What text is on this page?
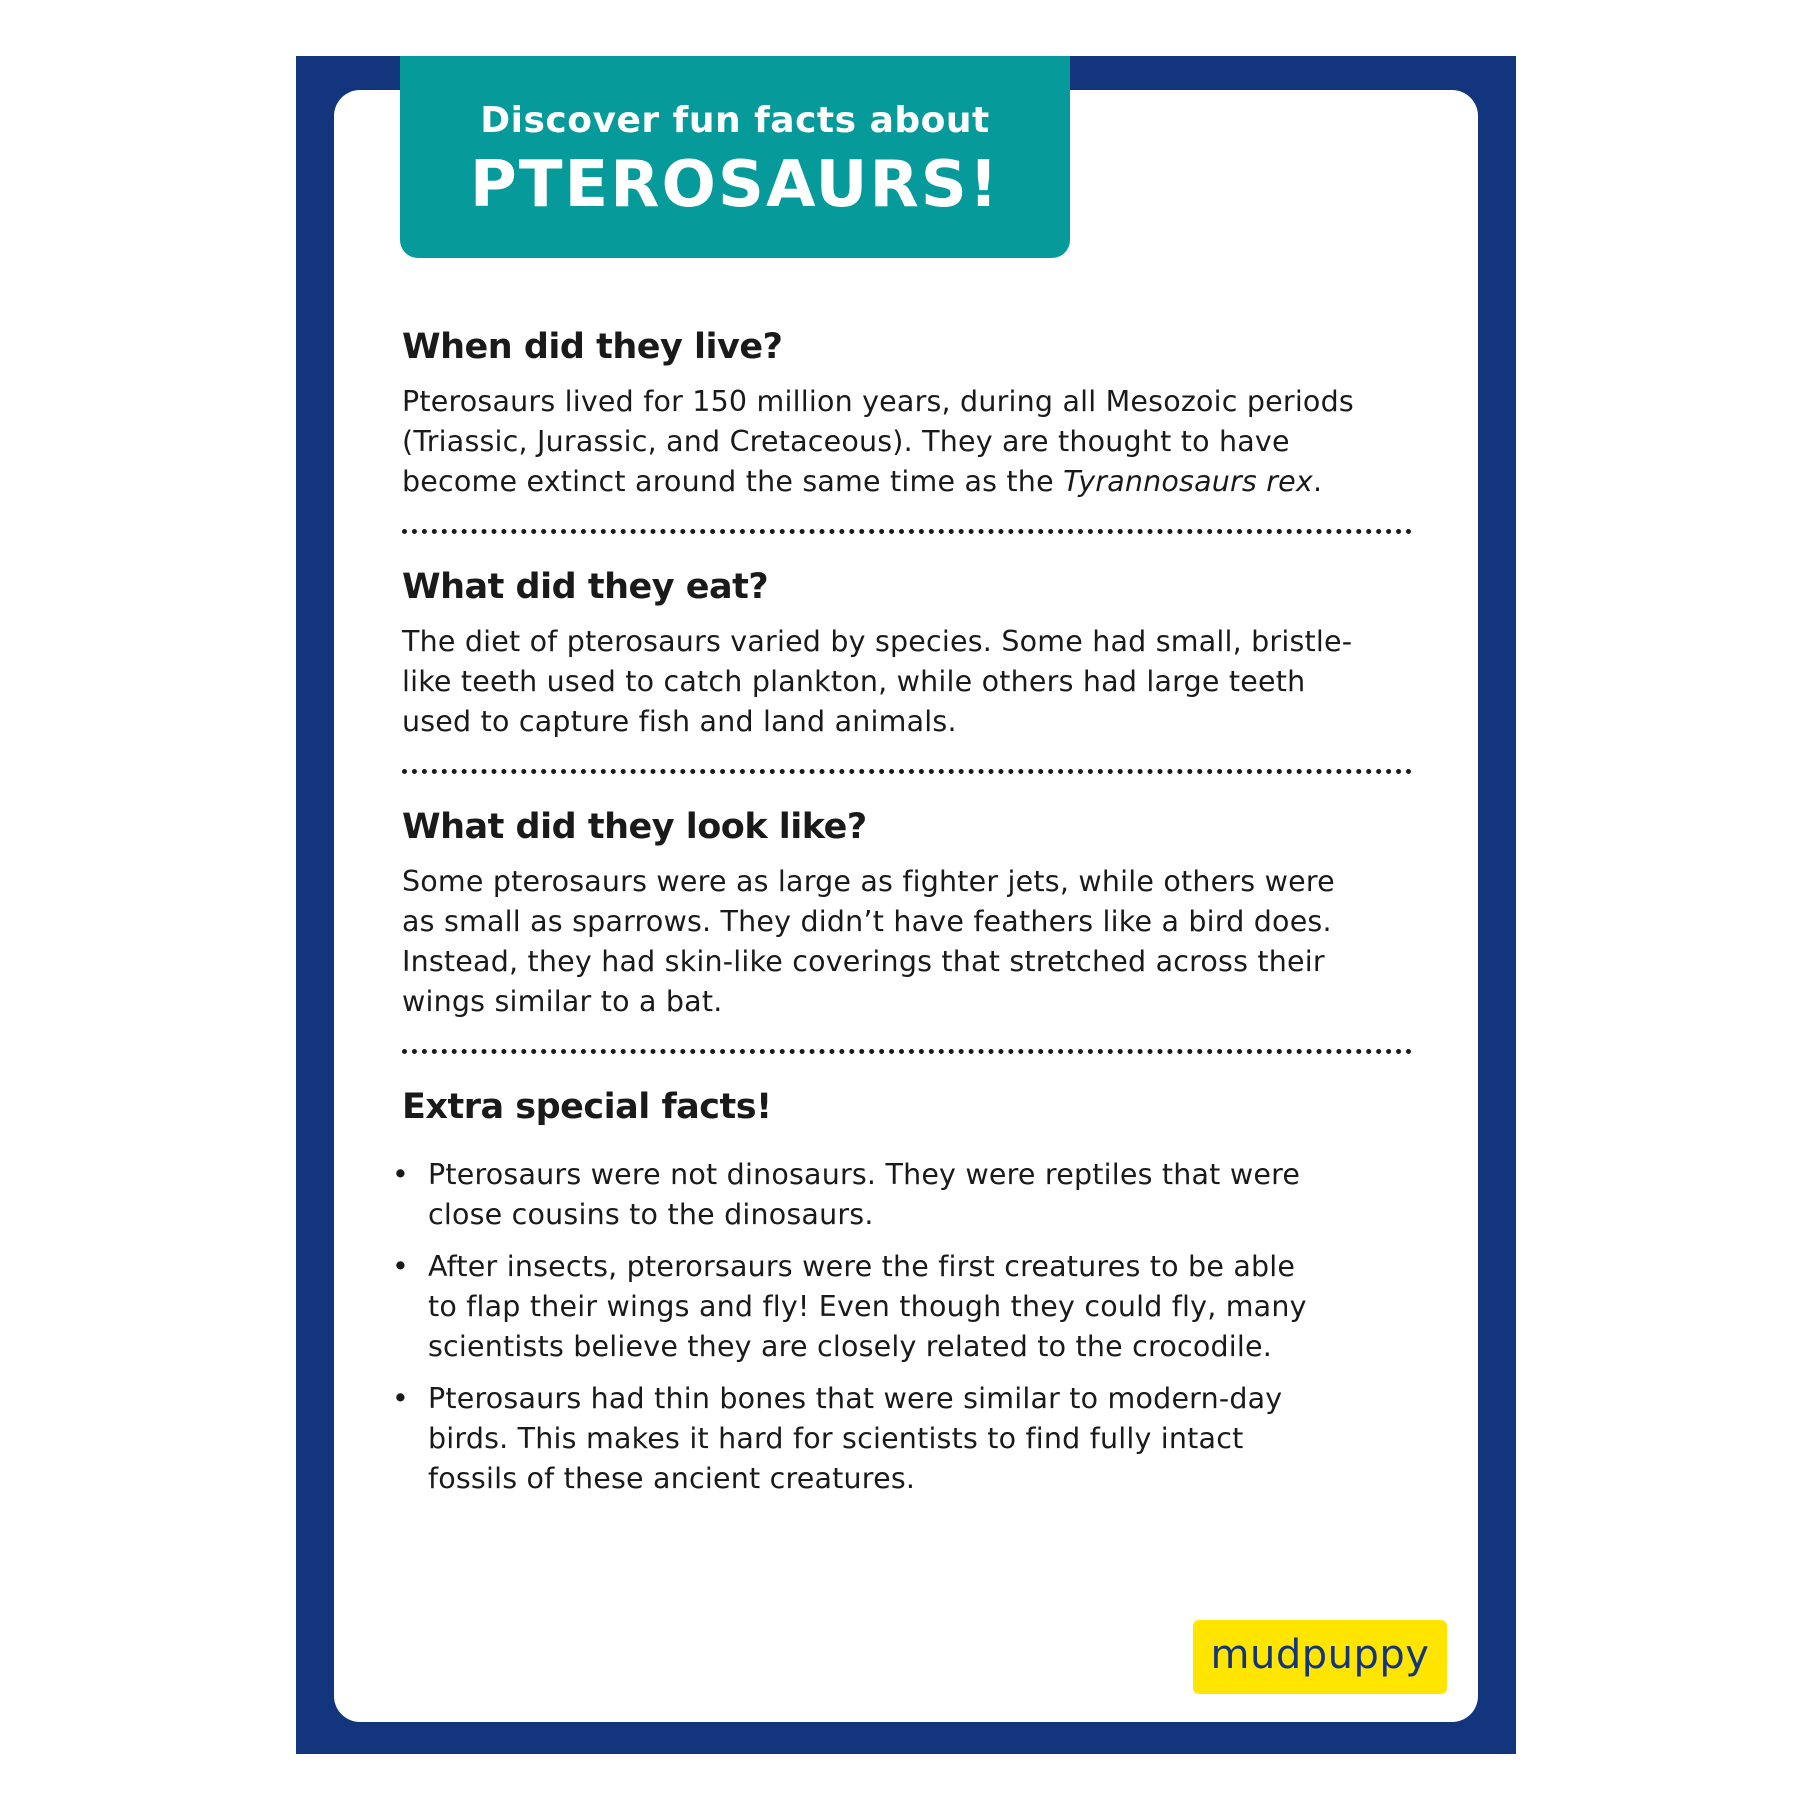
Discover fun facts about
PTEROSAURS!
When did they live?

Pterosaurs lived for 150 million years, during all Mesozoic periods
(Triassic, Jurassic, and Cretaceous). They are thought to have
become extinct around the same time as the Tyrannosaurs rex.

What did they eat?

The diet of pterosaurs varied by species. Some had small, bristle-
like teeth used to catch plankton, while others had large teeth
used to capture fish and land animals.

What did they look like?

Some pterosaurs were as large as fighter jets, while others were
as small as sparrows. They didn’t have feathers like a bird does.
Instead, they had skin-like coverings that stretched across their
wings similar to a bat.

Extra special facts!
• Pterosaurs were not dinosaurs. They were reptiles that were
close cousins to the dinosaurs.
• After insects, pterorsaurs were the first creatures to be able
to flap their wings and fly! Even though they could fly, many
scientists believe they are closely related to the crocodile.
• Pterosaurs had thin bones that were similar to modern-day
birds. This makes it hard for scientists to find fully intact
fossils of these ancient creatures.
mudpuppy
